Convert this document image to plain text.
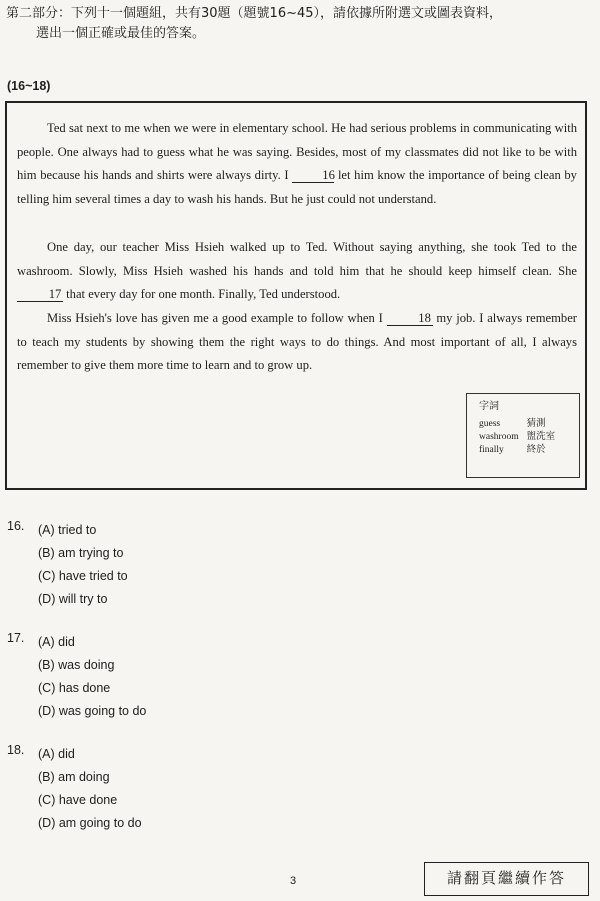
第二部分：下列十一個題組，共有30題（題號16~45），請依據所附選文或圖表資料，
選出一個正確或最佳的答案。
(16~18)

Ted sat next to me when we were in elementary school. He had serious problems in communicating with people. One always had to guess what he was saying. Besides, most of my classmates did not like to be with him because his hands and shirts were always dirty. I	16 let him know the importance of being clean by telling him several times a day to wash his hands. But he just could not understand.

One day, our teacher Miss Hsieh walked up to Ted. Without saying anything, she took Ted to the washroom. Slowly, Miss Hsieh washed his hands and told him that he should keep himself clean. She 17 that every day for one month. Finally, Ted understood.

Miss Hsieh's love has given me a good example to follow when I	18 my job. I always remember to teach my students by showing them the right ways to do things. And most important of all, I always remember to give them more time to learn and to grow up.

字詞
guess	猜測
washroom	盥洗室
finally	終於
16.	(A) tried to
(B) am trying to
(C) have tried to
(D) will try to
17.	(A) did
(B) was doing
(C) has done
(D) was going to do
18.	(A) did
(B) am doing
(C) have done
(D) am going to do
3	請翻頁繼續作答
